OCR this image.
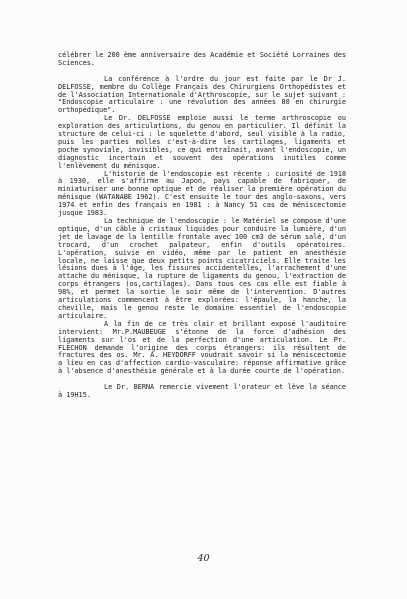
célébrer le 200 ème anniversaire des Académie et Société Lorraines des Sciences.

La conférence à l'ordre du jour est faite par le Dr J. DELFOSSE, membre du Collège Français des Chirurgiens Orthopédistes et de l'Association Internationale d'Arthroscopie, sur le sujet suivant : "Endoscopie articulaire : une révolution des années 80 en chirurgie orthopédique".

Le Dr. DELFOSSE emploie aussi le terme arthroscopie ou exploration des articulations, du genou en particulier. Il définit la structure de celui-ci : le squelette d'abord, seul visible à la radio, puis les parties molles c'est-à-dire les cartilages, ligaments et poche synoviale, invisibles, ce qui entraînait, avant l'endoscopie, un diagnostic incertain et souvent des opérations inutiles comme l'enlèvement du ménisque.

L'historie de l'endoscopie est récente : curiosité de 1918 à 1930, elle s'affirme au Japon, pays capable de fabriquer, de miniaturiser une bonne optique et de réaliser la première opération du ménisque (WATANABE 1962). C'est ensuite le tour des anglo-saxons, vers 1974 et enfin des français en 1981 : à Nancy 51 cas de méniscectomie jusque 1983.

La technique de l'endoscopie : le Matériel se compose d'une optique, d'un câble à cristaux liquides pour conduire la lumière, d'un jet de lavage de la lentille frontale avec 100 cm3 de sérum salé, d'un trocard, d'un crochet palpateur, enfin d'outils opératoires. L'opération, suivie en vidéo, même par le patient en anesthésie locale, ne laisse que deux petits points cicatriciels. Elle traite les lésions dues à l'âge, les fissures accidentelles, l'arrachement d'une attache du ménisque, la rupture de ligaments du genou, l'extraction de corps étrangers (os,cartilages). Dans tous ces cas elle est fiable à 98%, et permet la sortie le soir même de l'intervention. D'autres articulations commencent à être explorées: l'épaule, la hanche, la cheville, mais le genou reste le domaine essentiel de l'endoscopie articulaire.

A la fin de ce très clair et brillant exposé l'auditoire intervient: Mr.P.MAUBEUGE s'étonne de la force d'adhésion des ligaments sur l'os et de la perfection d'une articulation. Le Pr. FLECHON demande l'origine des corps étrangers: ils résultent de fractures des os. Mr. A. HEYDORFF voudrait savoir si la méniscectomie a lieu en cas d'affection cardio-vasculaire: réponse affirmative grâce à l'absence d'anesthésie générale et à la durée courte de l'opération.

Le Dr. BERNA remercie vivement l'orateur et lève la séance à 19H15.

40
